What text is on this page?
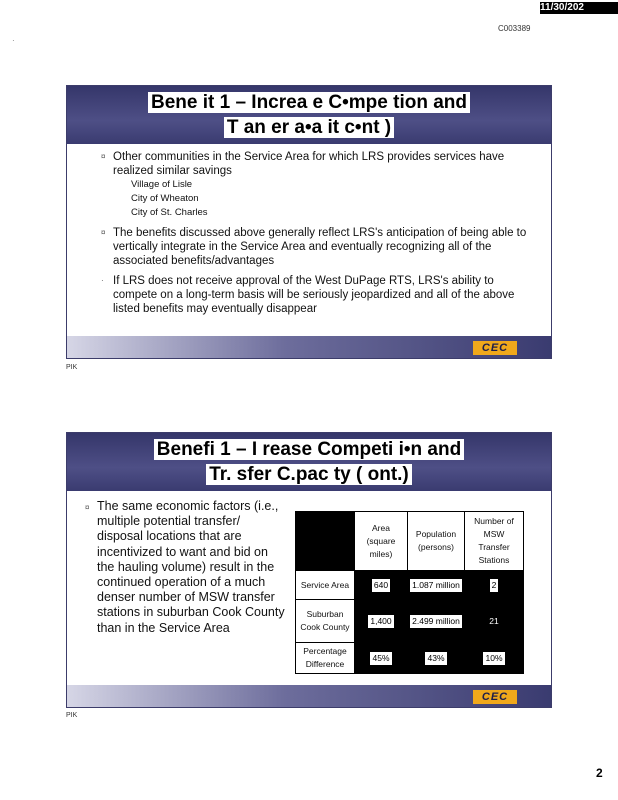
·
11/30/202
C003389
Bene it 1 – Increa e C•mpe tion and
T an er a•a it c•nt )
¤ Other communities in the Service Area for which LRS provides services have realized similar savings
Village of Lisle
City of Wheaton
City of St. Charles
¤ The benefits discussed above generally reflect LRS's anticipation of being able to vertically integrate in the Service Area and eventually recognizing all of the associated benefits/advantages
· If LRS does not receive approval of the West DuPage RTS, LRS's ability to compete on a long-term basis will be seriously jeopardized and all of the above listed benefits may eventually disappear
CEC
PIK
Benefi 1 – I rease Competi i•n and
Tr. sfer C.pac ty ( ont.)
¤ The same economic factors (i.e., multiple potential transfer/ disposal locations that are incentivized to want and bid on the hauling volume) result in the continued operation of a much denser number of MSW transfer stations in suburban Cook County than in the Service Area
	Area (square miles)	Population (persons)	Number of MSW Transfer Stations
Service Area	640	1.087 million	2
Suburban Cook County	1,400	2.499 million	21
Percentage Difference	45%	43%	10%
CEC
PIK
2
